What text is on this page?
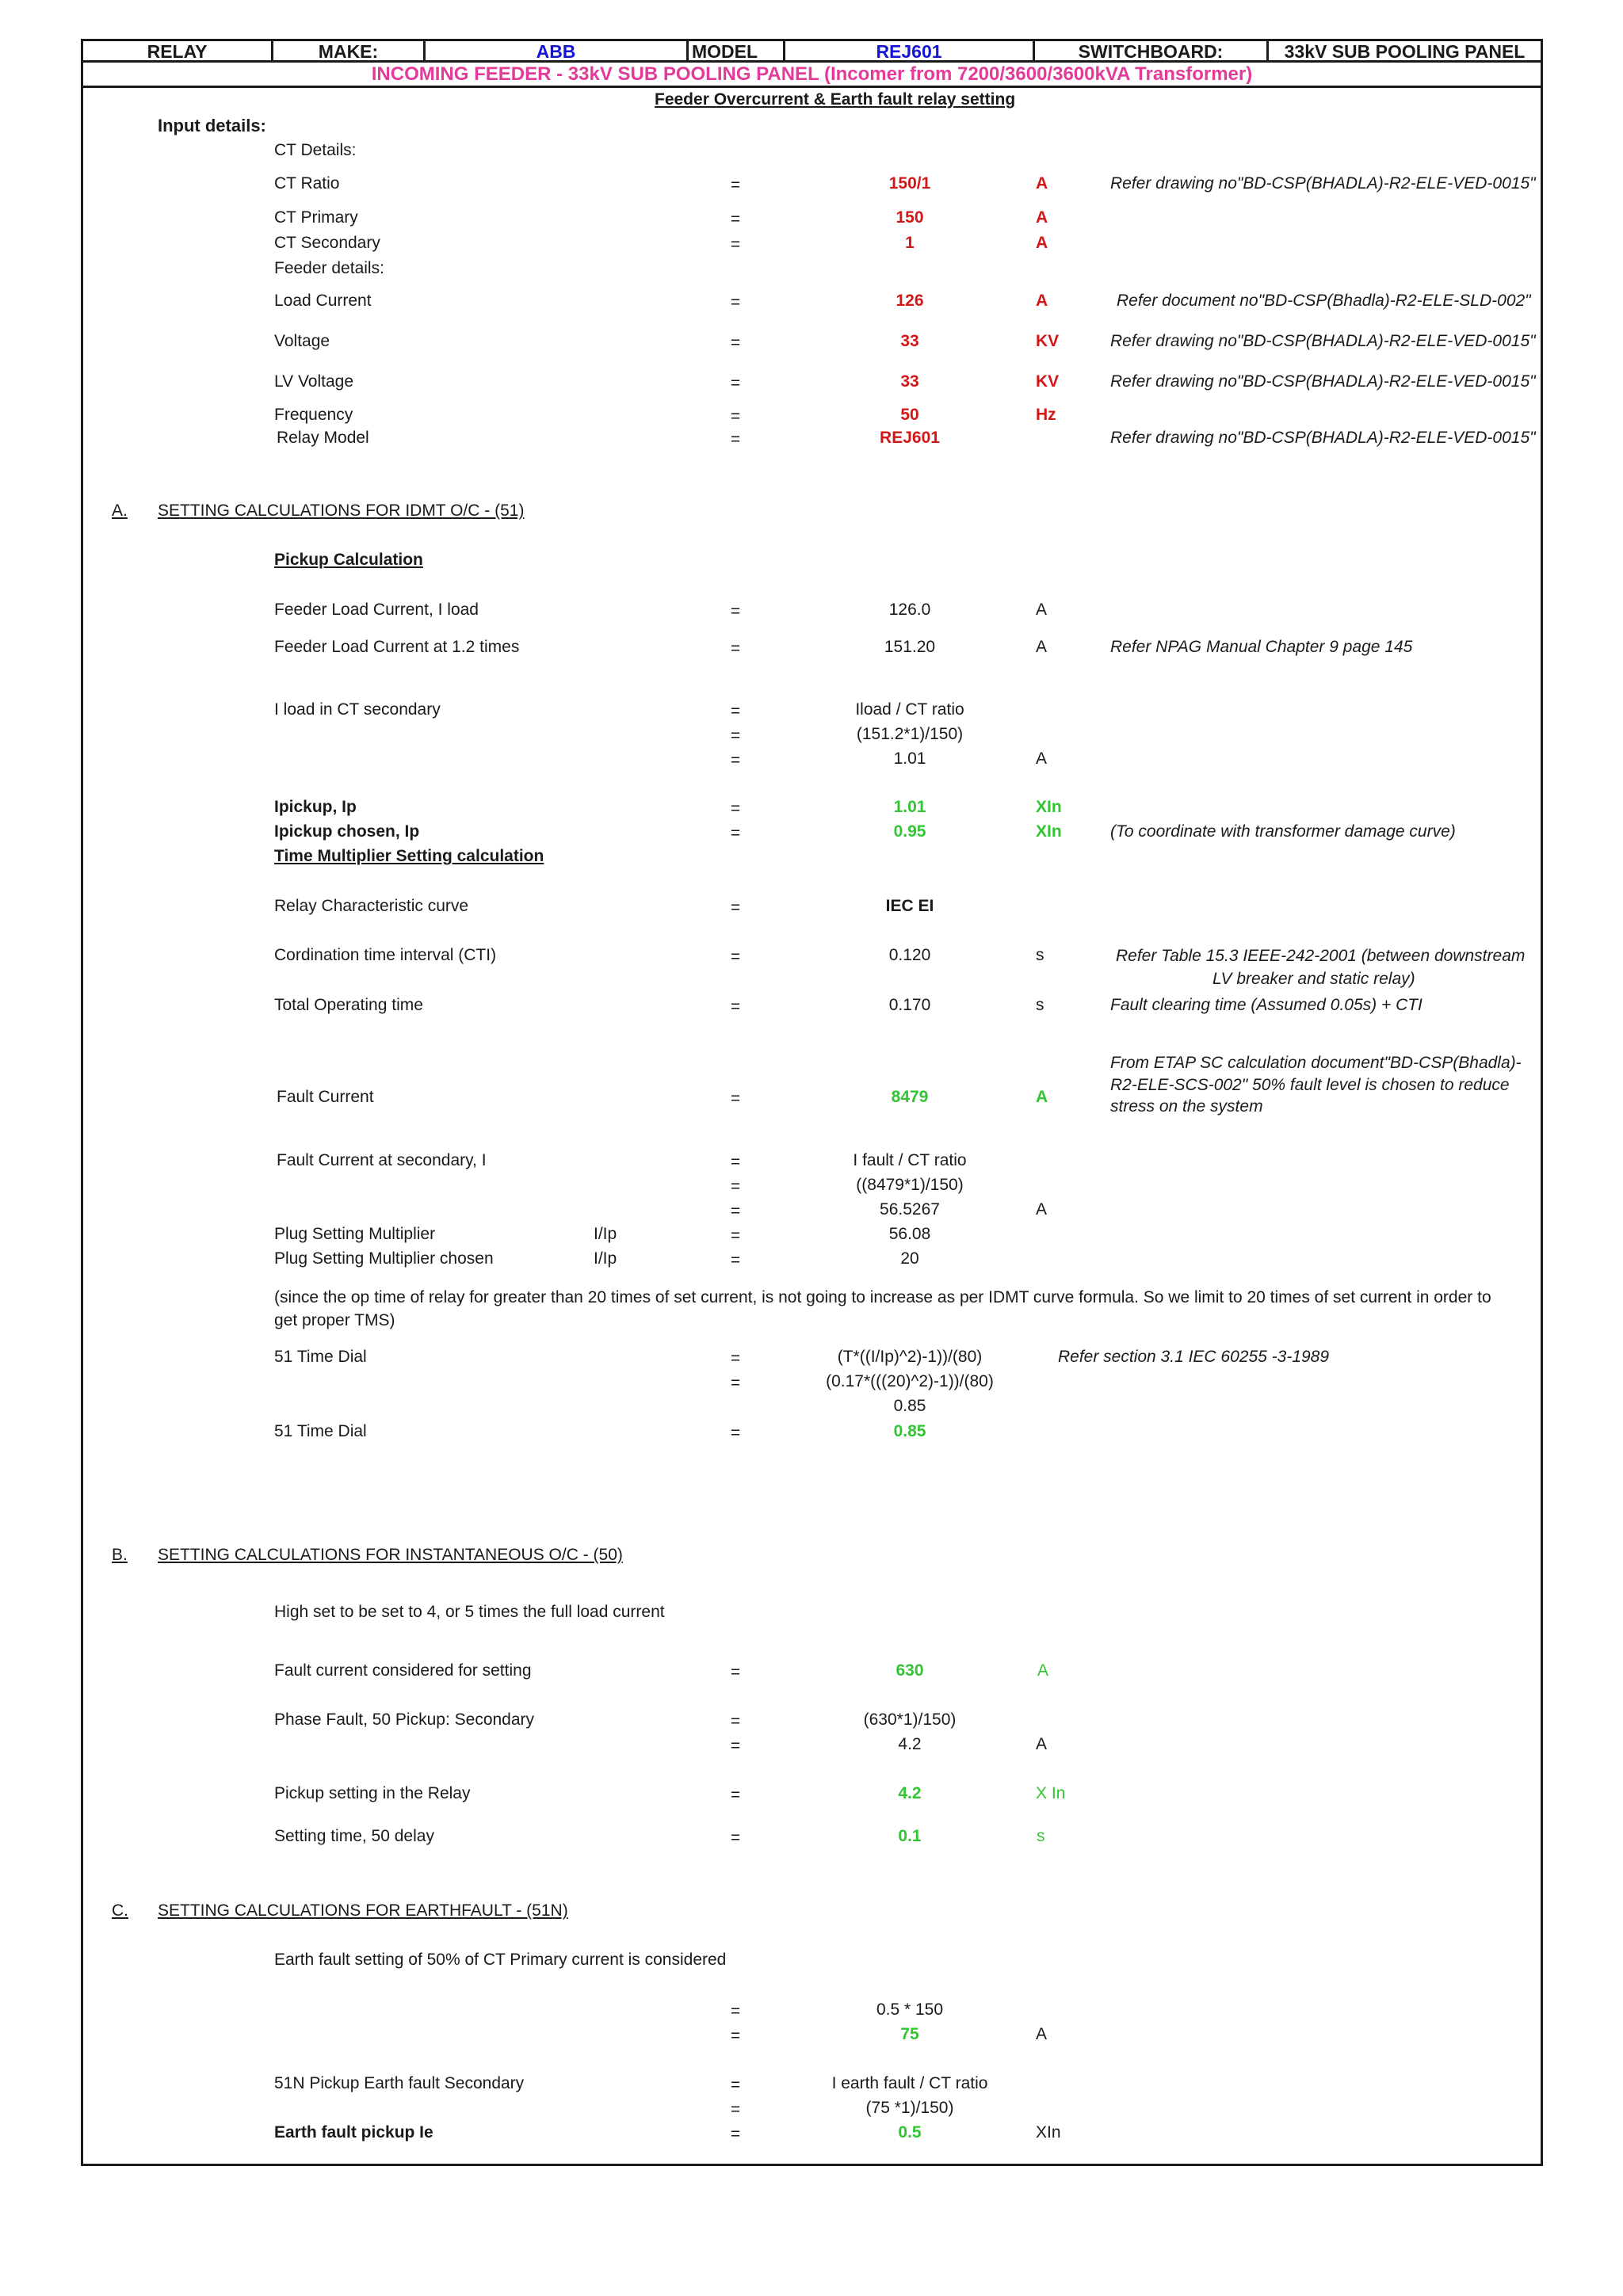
RELAY	MAKE:	ABB	MODEL	REJ601	SWITCHBOARD:	33kV SUB POOLING PANEL
INCOMING FEEDER - 33kV SUB POOLING PANEL (Incomer from 7200/3600/3600kVA Transformer)
Feeder Overcurrent & Earth fault relay setting
Input details:
CT Details:
CT Ratio	=	150/1	A	Refer drawing no"BD-CSP(BHADLA)-R2-ELE-VED-0015"
CT Primary	=	150	A
CT Secondary	=	1	A
Feeder details:
Load Current	=	126	A	Refer document no"BD-CSP(Bhadla)-R2-ELE-SLD-002"
Voltage	=	33	KV	Refer drawing no"BD-CSP(BHADLA)-R2-ELE-VED-0015"
LV Voltage	=	33	KV	Refer drawing no"BD-CSP(BHADLA)-R2-ELE-VED-0015"
Frequency	=	50	Hz
Relay Model	=	REJ601	Refer drawing no"BD-CSP(BHADLA)-R2-ELE-VED-0015"
A. SETTING CALCULATIONS FOR IDMT O/C - (51)
Pickup Calculation
Feeder Load Current, I load	=	126.0	A
Feeder Load Current at 1.2 times	=	151.20	A	Refer NPAG Manual Chapter 9 page 145
I load in CT secondary	=	Iload / CT ratio
=	(151.2*1)/150)
=	1.01	A
Ipickup, Ip	=	1.01	XIn
Ipickup chosen, Ip	=	0.95	XIn	(To coordinate with transformer damage curve)
Time Multiplier Setting calculation
Relay Characteristic curve	=	IEC EI
Cordination time interval (CTI)	=	0.120	s	Refer Table 15.3 IEEE-242-2001 (between downstream
LV breaker and static relay)
Total Operating time	=	0.170	s	Fault clearing time (Assumed 0.05s) + CTI
Fault Current	=	8479	A
From ETAP SC calculation document"BD-CSP(Bhadla)-
R2-ELE-SCS-002" 50% fault level is chosen to reduce
stress on the system
Fault Current at secondary, I	=	I fault / CT ratio
=	((8479*1)/150)
=	56.5267	A
Plug Setting Multiplier	I/Ip	=	56.08
Plug Setting Multiplier chosen	I/Ip	=	20
(since the op time of relay for greater than 20 times of set current, is not going to increase as per IDMT curve formula. So we limit to 20 times of set current in order to get proper TMS)
51 Time Dial	=	(T*((I/Ip)^2)-1))/(80)	Refer section 3.1 IEC 60255 -3-1989
=	(0.17*(((20)^2)-1))/(80)
0.85
51 Time Dial	=	0.85
B. SETTING CALCULATIONS FOR INSTANTANEOUS O/C - (50)
High set to be set to 4, or 5 times the full load current
Fault current considered for setting	=	630	A
Phase Fault, 50 Pickup: Secondary	=	(630*1)/150)
=	4.2	A
Pickup setting in the Relay	=	4.2	X In
Setting time, 50 delay	=	0.1	s
C. SETTING CALCULATIONS FOR EARTHFAULT - (51N)
Earth fault setting of 50% of CT Primary current is considered
=	0.5 * 150
=	75	A
51N Pickup Earth fault Secondary	=	I earth fault / CT ratio
=	(75 *1)/150)
Earth fault pickup Ie	=	0.5	XIn
